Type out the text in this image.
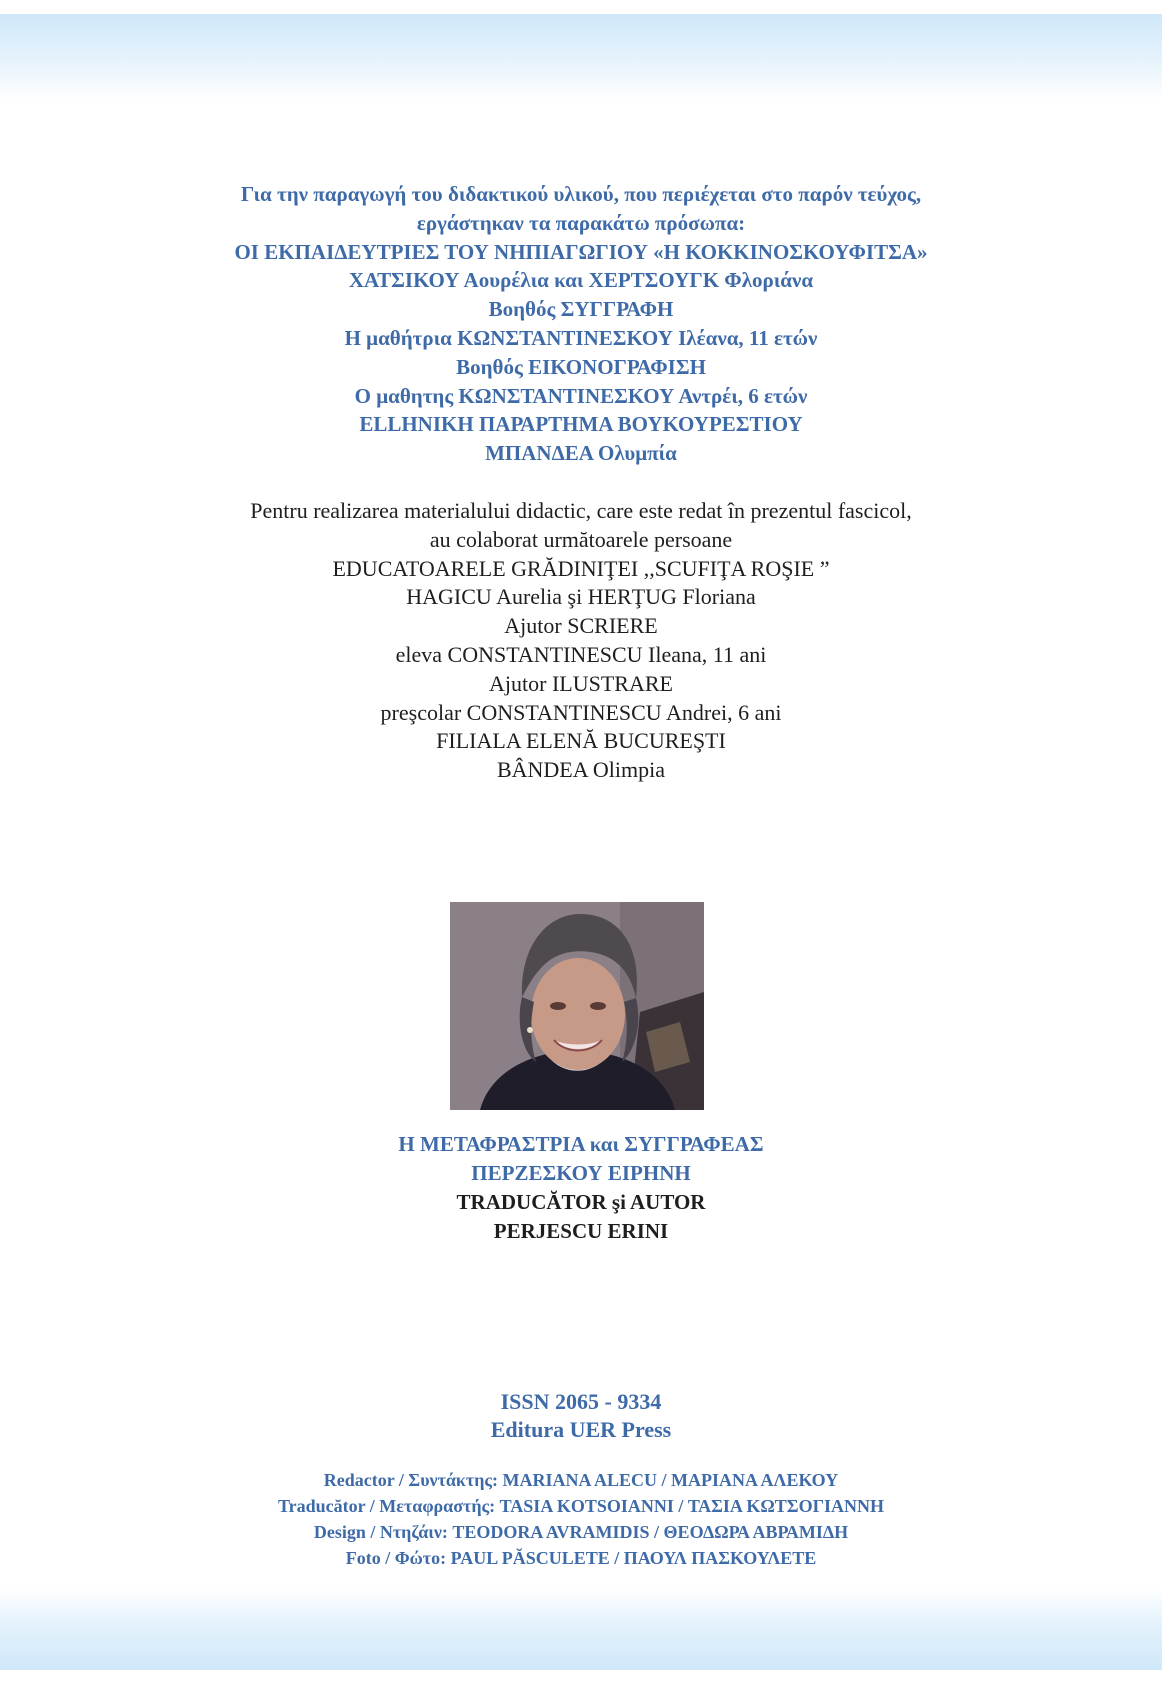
Για την παραγωγή του διδακτικού υλικού, που περιέχεται στο παρόν τεύχος,
εργάστηκαν τα παρακάτω πρόσωπα:
ΟΙ ΕΚΠΑΙΔΕΥΤΡΙΕΣ ΤΟΥ ΝΗΠΙΑΓΩΓΙΟΥ «Η ΚΟΚΚΙΝΟΣΚΟΥΦΙΤΣΑ»
ΧΑΤΣΙΚΟΥ Αουρέλια και ΧΕΡΤΣΟΥΓΚ Φλοριάνα
Βοηθός ΣΥΓΓΡΑΦΗ
Η μαθήτρια ΚΩΝΣΤΑΝΤΙΝΕΣΚΟΥ Ιλέανα, 11 ετών
Βοηθός ΕΙΚΟΝΟΓΡΑΦΙΣΗ
Ο μαθητης ΚΩΝΣΤΑΝΤΙΝΕΣΚΟΥ Αντρέι, 6 ετών
ELLHNIKH ΠΑΡΑΡΤΗΜΑ ΒΟΥΚΟΥΡΕΣΤΙΟΥ
ΜΠΑΝΔΕΑ Ολυμπία
Pentru realizarea materialului didactic, care este redat în prezentul fascicol,
au colaborat următoarele persoane
EDUCATOARELE GRĂDINIŢEI ,,SCUFIŢA ROŞIE ”
HAGICU Aurelia şi HERŢUG Floriana
Ajutor SCRIERE
eleva CONSTANTINESCU Ileana, 11 ani
Ajutor ILUSTRARE
preşcolar CONSTANTINESCU Andrei, 6 ani
FILIALA ELENĂ BUCUREŞTI
BÂNDEA Olimpia
Η ΜΕΤΑΦΡΑΣΤΡΙΑ και ΣΥΓΓΡΑΦΕΑΣ
ΠΕΡΖΕΣΚΟΥ ΕΙΡΗΝΗ
TRADUCĂTOR şi AUTOR
PERJESCU ERINI
ISSN 2065 - 9334
Editura UER Press
Redactor / Συντάκτης: MARIANA ALECU / ΜΑΡΙΑΝΑ ΑΛΕΚΟΥ
Traducător / Μεταφραστής: TASIA KOTSOIANNI / ΤΑΣΙΑ ΚΩΤΣΟΓΙΑΝΝΗ
Design / Ντηζάιν: TEODORA AVRAMIDIS / ΘΕΟΔΩΡΑ ΑΒΡΑΜΙΔΗ
Foto / Φώτο: PAUL PĂSCULETE / ΠΑΟΥΛ ΠΑΣΚΟΥΛΕΤΕ
